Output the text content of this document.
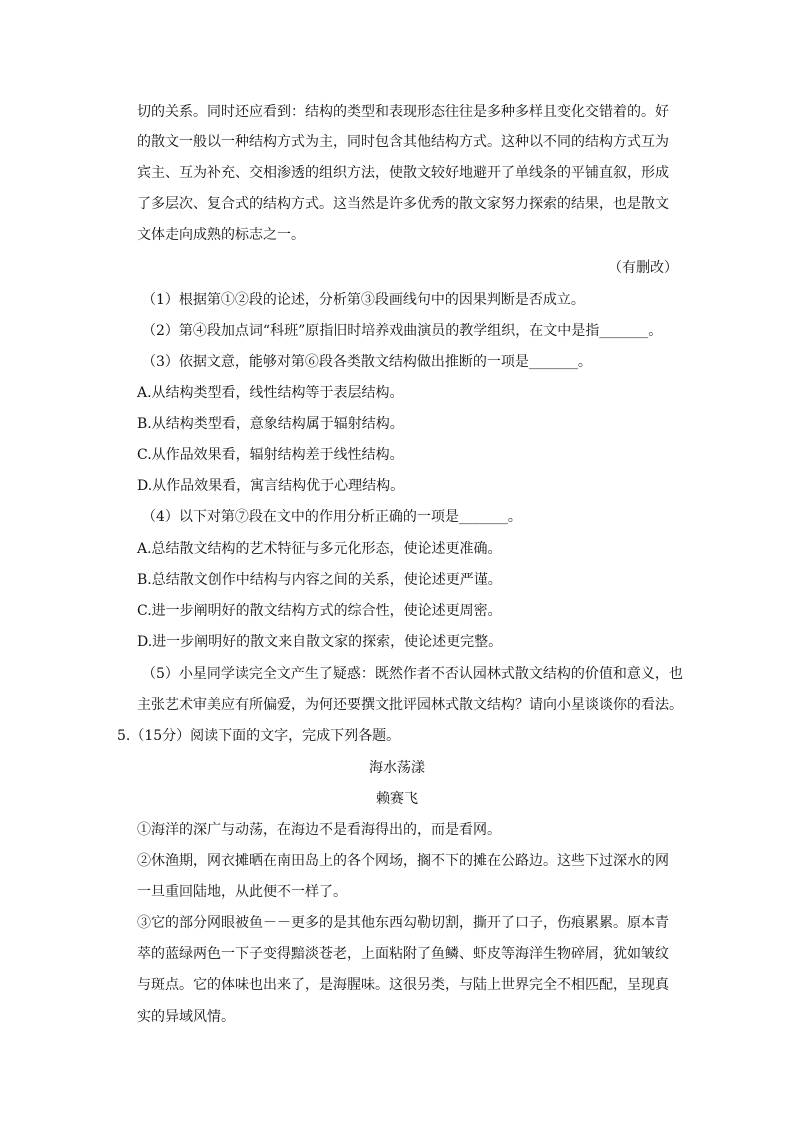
切的关系。同时还应看到：结构的类型和表现形态往往是多种多样且变化交错着的。好
的散文一般以一种结构方式为主，同时包含其他结构方式。这种以不同的结构方式互为
宾主、互为补充、交相渗透的组织方法，使散文较好地避开了单线条的平铺直叙，形成
了多层次、复合式的结构方式。这当然是许多优秀的散文家努力探索的结果，也是散文
文体走向成熟的标志之一。
（有删改）
（1）根据第①②段的论述，分析第③段画线句中的因果判断是否成立。
（2）第④段加点词“科班”原指旧时培养戏曲演员的教学组织，在文中是指_______。
（3）依据文意，能够对第⑥段各类散文结构做出推断的一项是_______。
A.从结构类型看，线性结构等于表层结构。
B.从结构类型看，意象结构属于辐射结构。
C.从作品效果看，辐射结构差于线性结构。
D.从作品效果看，寓言结构优于心理结构。
（4）以下对第⑦段在文中的作用分析正确的一项是_______。
A.总结散文结构的艺术特征与多元化形态，使论述更准确。
B.总结散文创作中结构与内容之间的关系，使论述更严谨。
C.进一步阐明好的散文结构方式的综合性，使论述更周密。
D.进一步阐明好的散文来自散文家的探索，使论述更完整。
（5）小星同学读完全文产生了疑惑：既然作者不否认园林式散文结构的价值和意义，也
主张艺术审美应有所偏爱，为何还要撰文批评园林式散文结构？请向小星谈谈你的看法。
5.（15分）阅读下面的文字，完成下列各题。
海水荡漾
赖赛飞
①海洋的深广与动荡，在海边不是看海得出的，而是看网。
②休渔期，网衣摊晒在南田岛上的各个网场，搁不下的摊在公路边。这些下过深水的网
一旦重回陆地，从此便不一样了。
③它的部分网眼被鱼－－更多的是其他东西勾勒切割，撕开了口子，伤痕累累。原本青
萃的蓝绿两色一下子变得黯淡苍老，上面粘附了鱼鳞、虾皮等海洋生物碎屑，犹如皱纹
与斑点。它的体味也出来了，是海腥味。这很另类，与陆上世界完全不相匹配，呈现真
实的异域风情。
